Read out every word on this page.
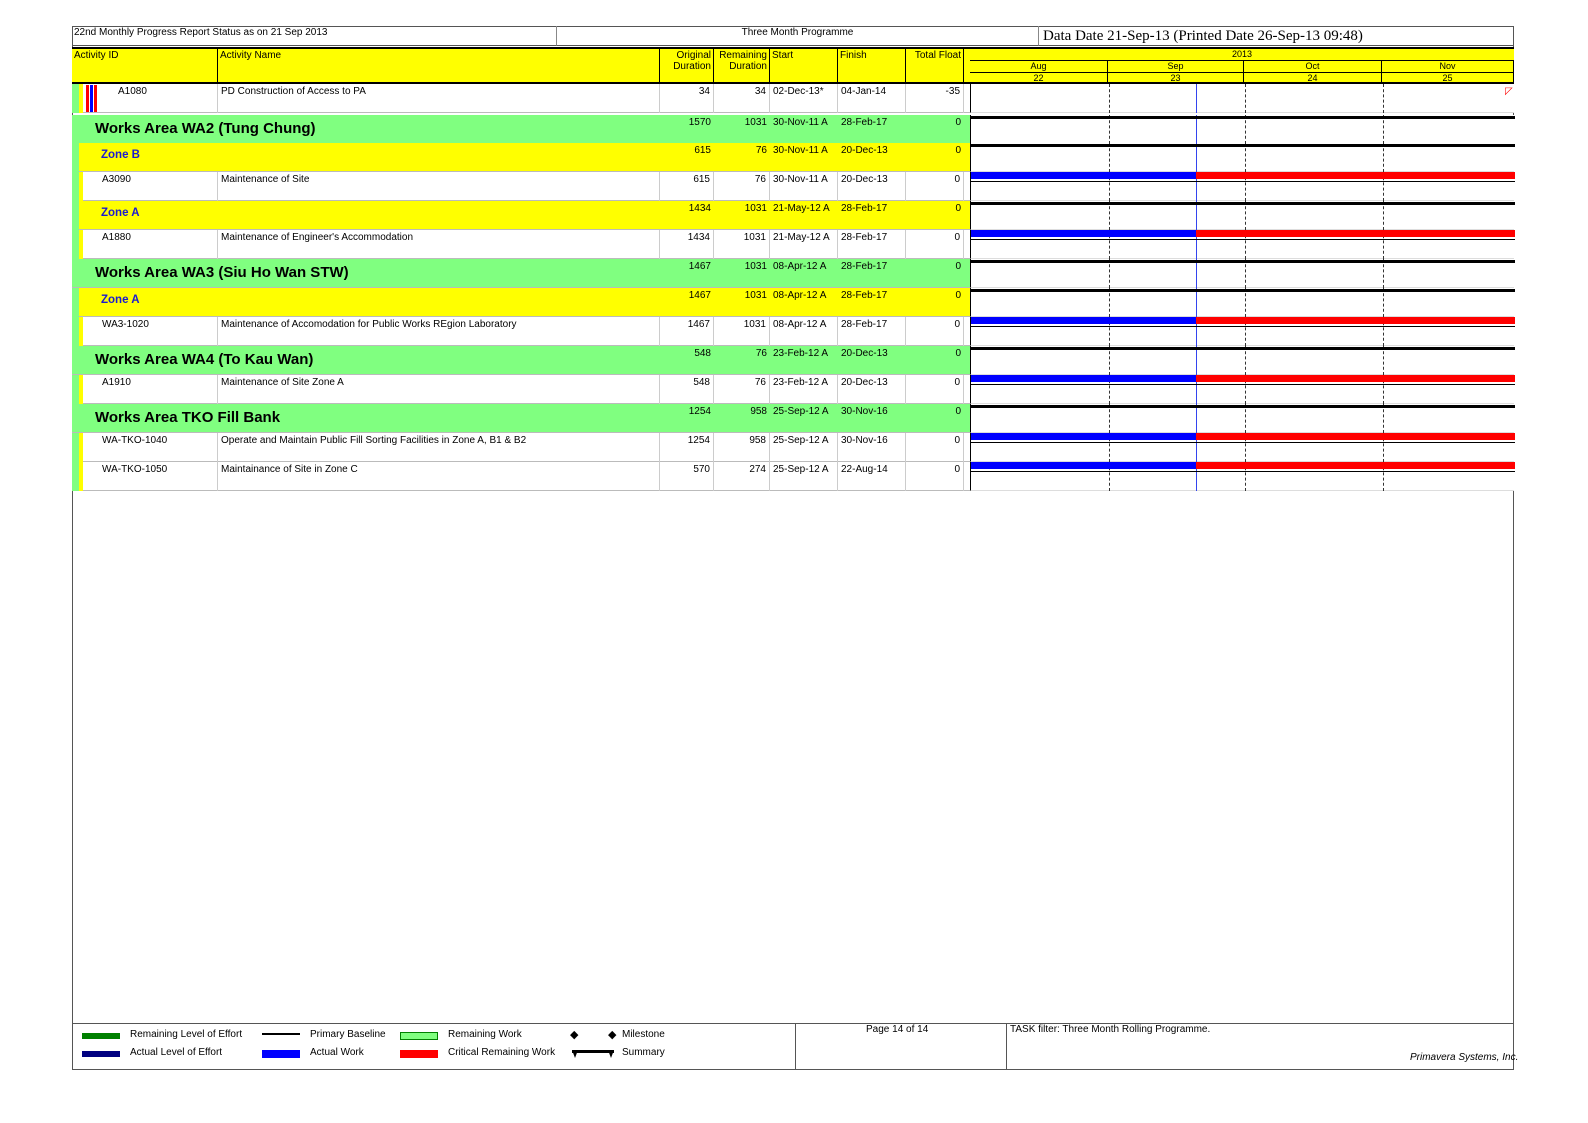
22nd Monthly Progress Report Status as on 21 Sep 2013	Three Month Programme	Data Date 21-Sep-13 (Printed Date 26-Sep-13 09:48)
Activity ID	Activity Name	Original
Duration
Remaining
Duration
Start	Finish	Total Float	2013
Aug	Sep	Oct	Nov
22	23	24	25
A1080	PD Construction of Access to PA	34	34 02-Dec-13*	04-Jan-14	-35	◸
Works Area WA2 (Tung Chung)	1570	1031 30-Nov-11 A	28-Feb-17	0
Zone B	615	76 30-Nov-11 A	20-Dec-13	0
A3090	Maintenance of Site	615	76 30-Nov-11 A	20-Dec-13	0
Zone A	1434	1031 21-May-12 A	28-Feb-17	0
A1880	Maintenance of Engineer's Accommodation	1434	1031 21-May-12 A	28-Feb-17	0
Works Area WA3 (Siu Ho Wan STW)	1467	1031 08-Apr-12 A	28-Feb-17	0
Zone A	1467	1031 08-Apr-12 A	28-Feb-17	0
WA3-1020	Maintenance of Accomodation for Public Works REgion Laboratory	1467	1031 08-Apr-12 A	28-Feb-17	0
Works Area WA4 (To Kau Wan)	548	76 23-Feb-12 A	20-Dec-13	0
A1910	Maintenance of Site Zone A	548	76 23-Feb-12 A	20-Dec-13	0
Works Area TKO Fill Bank	1254	958 25-Sep-12 A	30-Nov-16	0
WA-TKO-1040	Operate and Maintain Public Fill Sorting Facilities in Zone A, B1 & B2	1254	958 25-Sep-12 A	30-Nov-16	0
WA-TKO-1050	Maintainance of Site in Zone C	570	274 25-Sep-12 A	22-Aug-14	0
Remaining Level of Effort
Actual Level of Effort
Primary Baseline
Actual Work
Remaining Work
Critical Remaining Work
◆	◆ Milestone
Summary
Page 14 of 14	TASK filter: Three Month Rolling Programme.
Primavera Systems, Inc.
